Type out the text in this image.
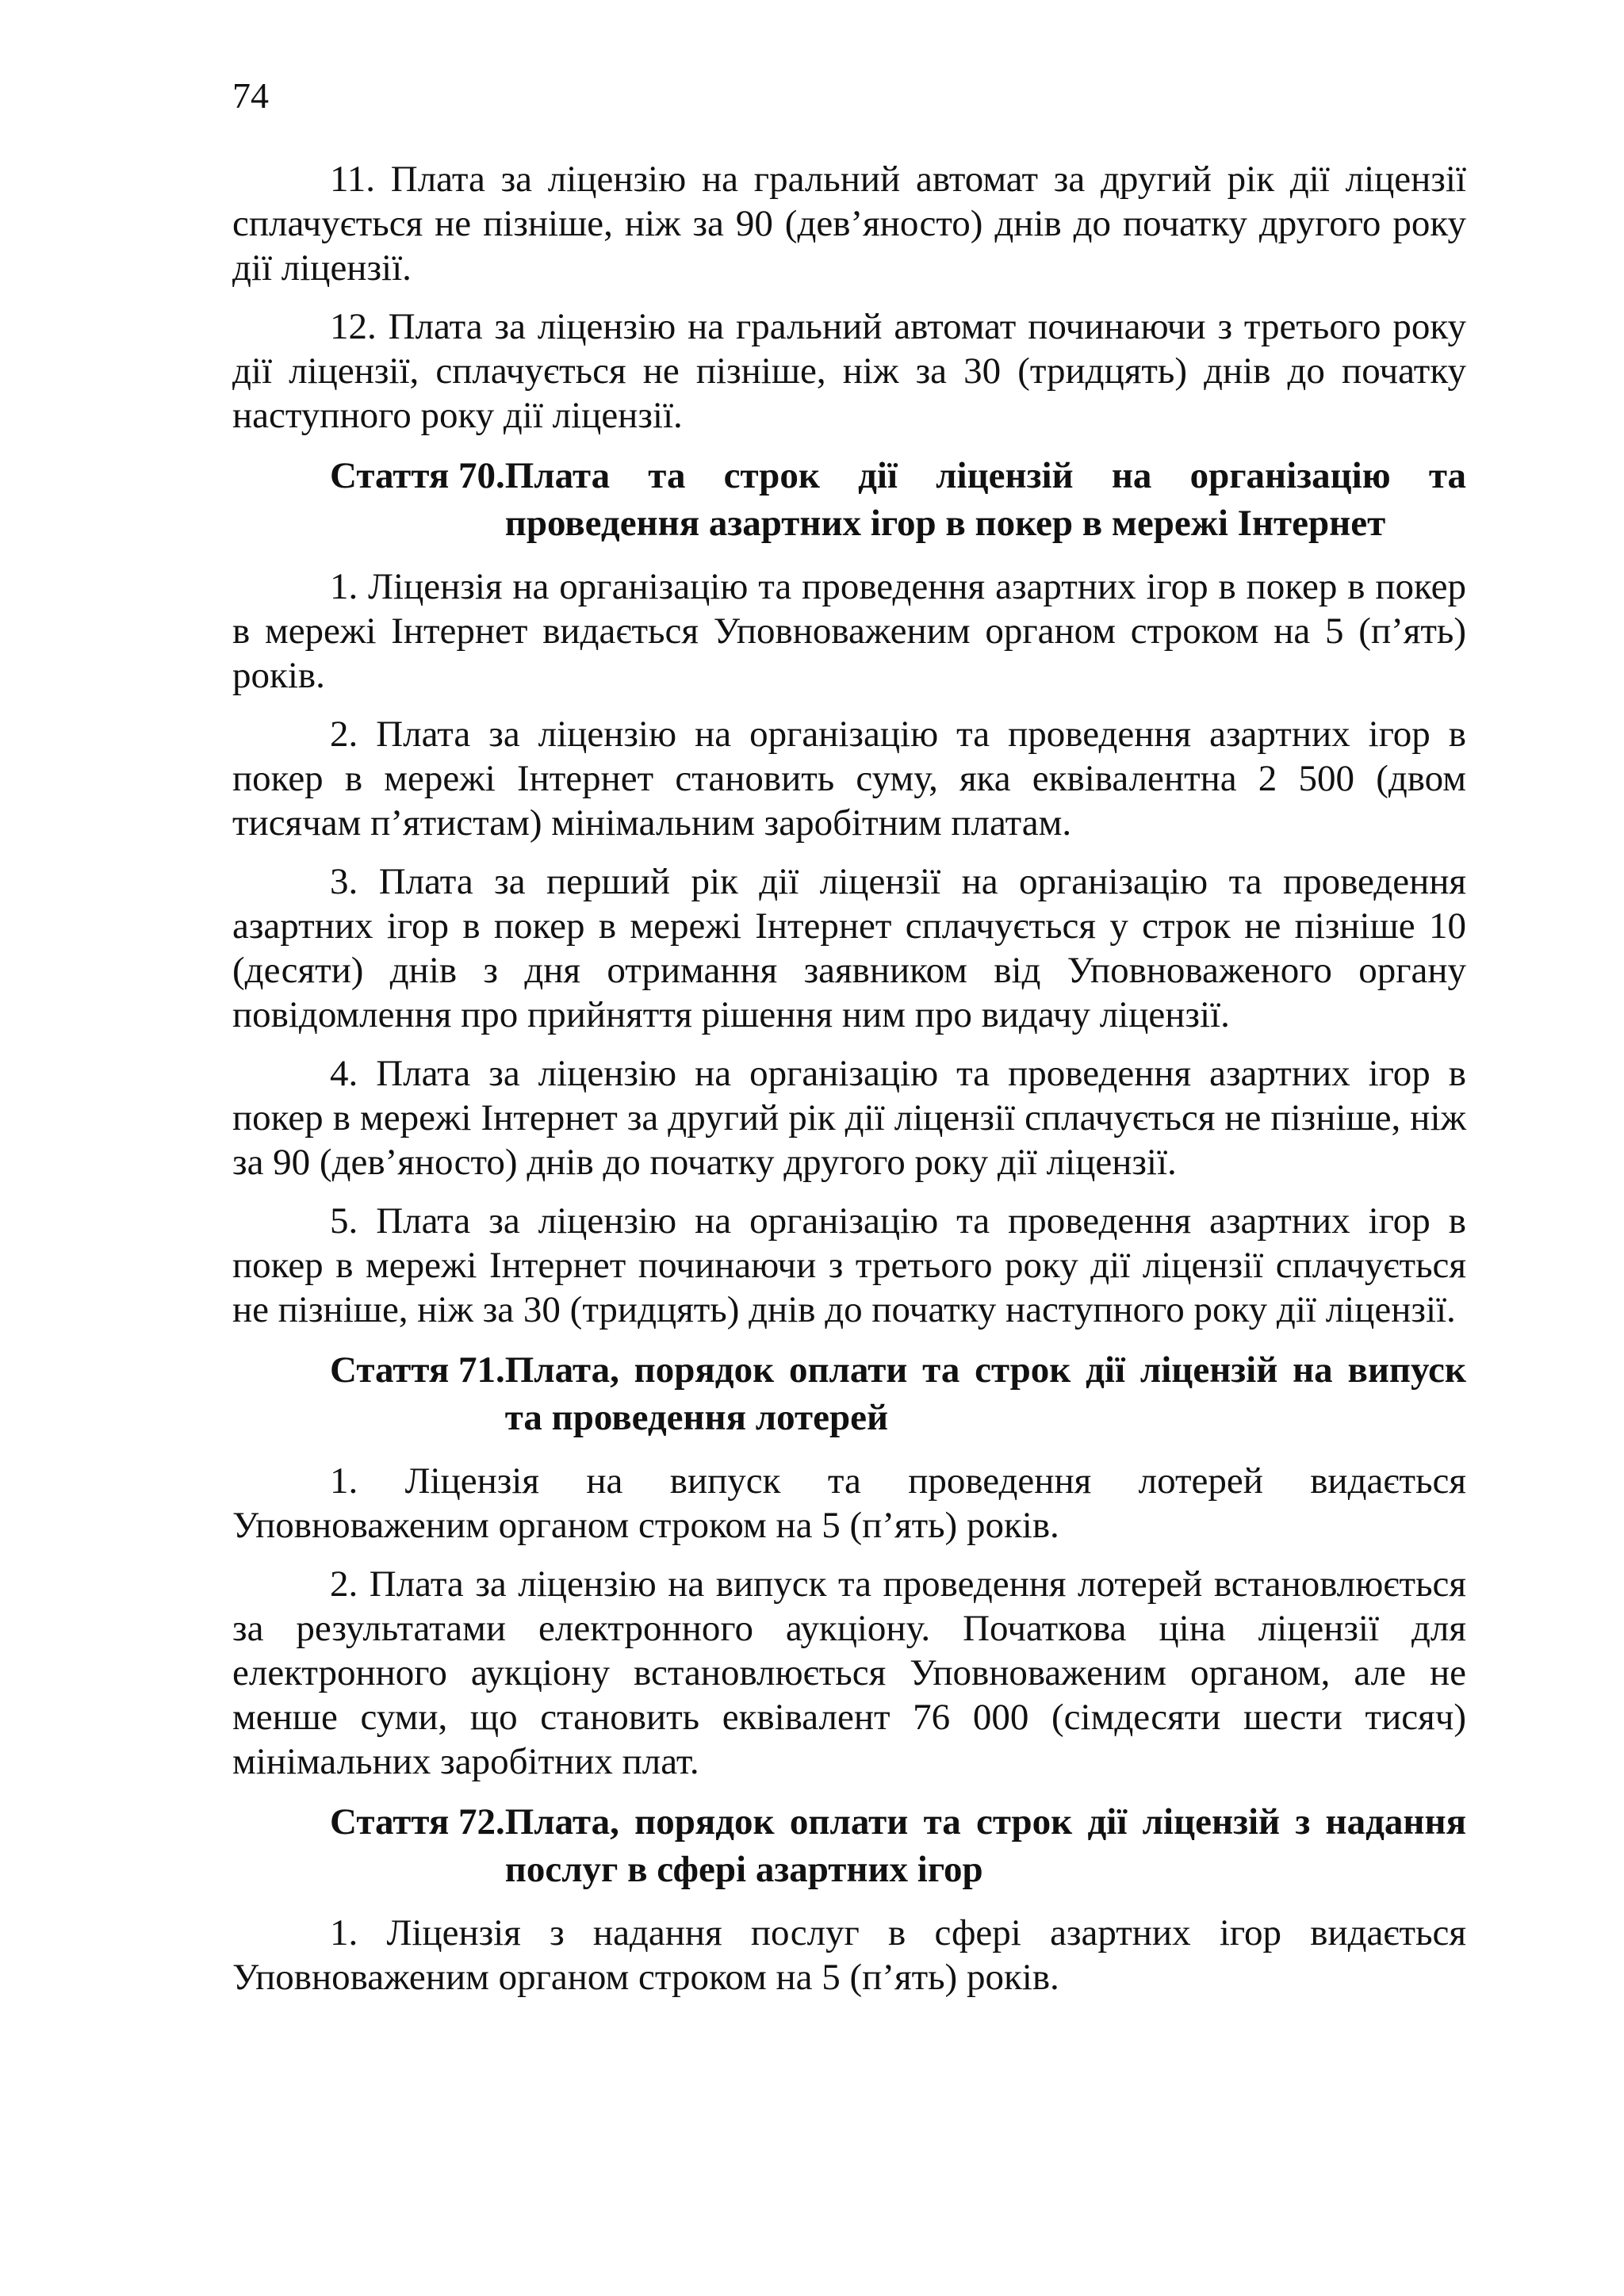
74

11. Плата за ліцензію на гральний автомат за другий рік дії ліцензії сплачується не пізніше, ніж за 90 (дев’яносто) днів до початку другого року дії ліцензії.

12. Плата за ліцензію на гральний автомат починаючи з третього року дії ліцензії, сплачується не пізніше, ніж за 30 (тридцять) днів до початку наступного року дії ліцензії.

Стаття 70. Плата та строк дії ліцензій на організацію та проведення азартних ігор в покер в мережі Інтернет

1. Ліцензія на організацію та проведення азартних ігор в покер в покер в мережі Інтернет видається Уповноваженим органом строком на 5 (п’ять) років.

2. Плата за ліцензію на організацію та проведення азартних ігор в покер в мережі Інтернет становить суму, яка еквівалентна 2 500 (двом тисячам п’ятистам) мінімальним заробітним платам.

3. Плата за перший рік дії ліцензії на організацію та проведення азартних ігор в покер в мережі Інтернет сплачується у строк не пізніше 10 (десяти) днів з дня отримання заявником від Уповноваженого органу повідомлення про прийняття рішення ним про видачу ліцензії.

4. Плата за ліцензію на організацію та проведення азартних ігор в покер в мережі Інтернет за другий рік дії ліцензії сплачується не пізніше, ніж за 90 (дев’яносто) днів до початку другого року дії ліцензії.

5. Плата за ліцензію на організацію та проведення азартних ігор в покер в мережі Інтернет починаючи з третього року дії ліцензії сплачується не пізніше, ніж за 30 (тридцять) днів до початку наступного року дії ліцензії.

Стаття 71. Плата, порядок оплати та строк дії ліцензій на випуск та проведення лотерей

1. Ліцензія на випуск та проведення лотерей видається Уповноваженим органом строком на 5 (п’ять) років.

2. Плата за ліцензію на випуск та проведення лотерей встановлюється за результатами електронного аукціону. Початкова ціна ліцензії для електронного аукціону встановлюється Уповноваженим органом, але не менше суми, що становить еквівалент 76 000 (сімдесяти шести тисяч) мінімальних заробітних плат.

Стаття 72. Плата, порядок оплати та строк дії ліцензій з надання послуг в сфері азартних ігор

1. Ліцензія з надання послуг в сфері азартних ігор видається Уповноваженим органом строком на 5 (п’ять) років.
